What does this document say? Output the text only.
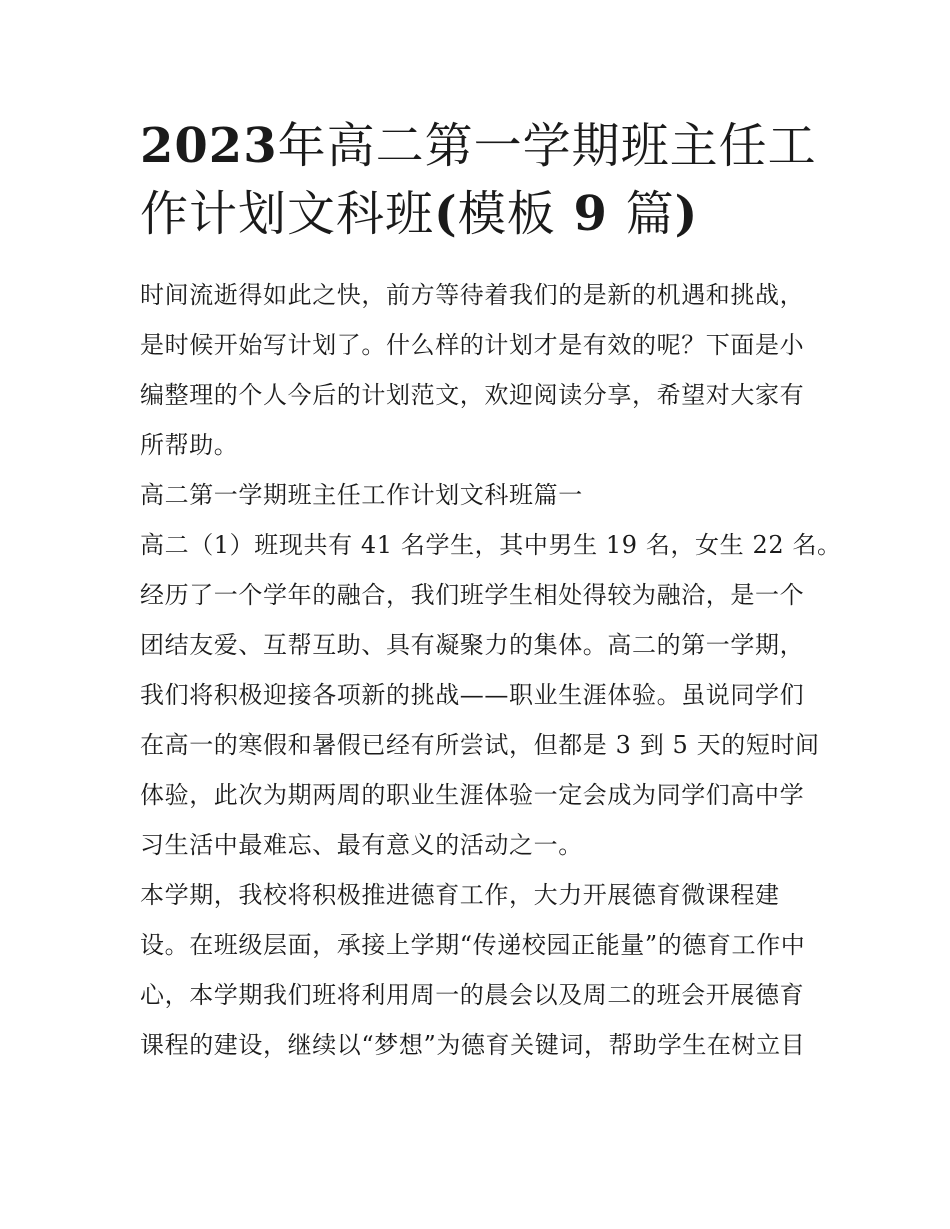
2023年高二第一学期班主任工
作计划文科班(模板 9 篇)
时间流逝得如此之快，前方等待着我们的是新的机遇和挑战，
是时候开始写计划了。什么样的计划才是有效的呢？下面是小
编整理的个人今后的计划范文，欢迎阅读分享，希望对大家有
所帮助。
高二第一学期班主任工作计划文科班篇一
高二（1）班现共有 41 名学生，其中男生 19 名，女生 22 名。
经历了一个学年的融合，我们班学生相处得较为融洽，是一个
团结友爱、互帮互助、具有凝聚力的集体。高二的第一学期，
我们将积极迎接各项新的挑战——职业生涯体验。虽说同学们
在高一的寒假和暑假已经有所尝试，但都是 3 到 5 天的短时间
体验，此次为期两周的职业生涯体验一定会成为同学们高中学
习生活中最难忘、最有意义的活动之一。
本学期，我校将积极推进德育工作，大力开展德育微课程建
设。在班级层面，承接上学期“传递校园正能量”的德育工作中
心，本学期我们班将利用周一的晨会以及周二的班会开展德育
课程的建设，继续以“梦想”为德育关键词，帮助学生在树立目
